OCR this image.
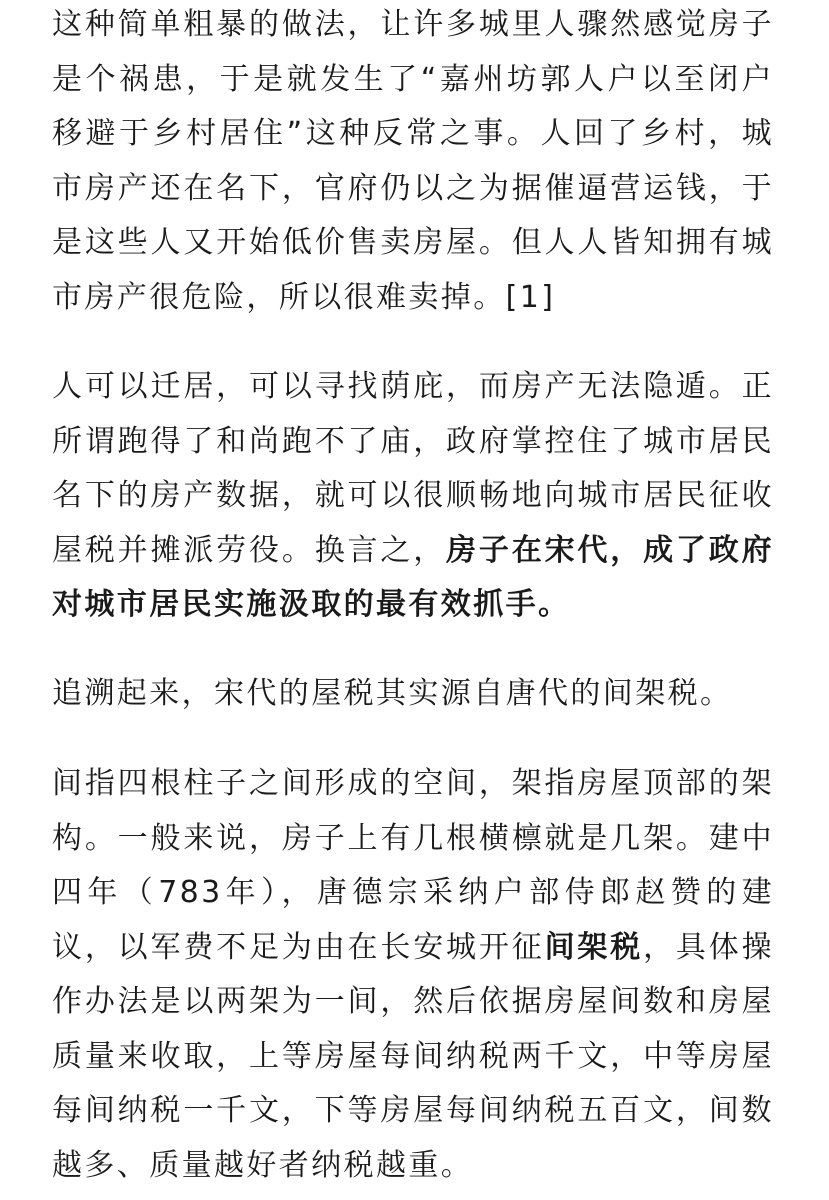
这种简单粗暴的做法，让许多城里人骤然感觉房子是个祸患，于是就发生了“嘉州坊郭人户以至闭户移避于乡村居住”这种反常之事。人回了乡村，城市房产还在名下，官府仍以之为据催逼营运钱，于是这些人又开始低价售卖房屋。但人人皆知拥有城市房产很危险，所以很难卖掉。[1]

人可以迁居，可以寻找荫庇，而房产无法隐遁。正所谓跑得了和尚跑不了庙，政府掌控住了城市居民名下的房产数据，就可以很顺畅地向城市居民征收屋税并摊派劳役。换言之，房子在宋代，成了政府对城市居民实施汲取的最有效抓手。

追溯起来，宋代的屋税其实源自唐代的间架税。

间指四根柱子之间形成的空间，架指房屋顶部的架构。一般来说，房子上有几根横檩就是几架。建中四年（783年），唐德宗采纳户部侍郎赵赞的建议，以军费不足为由在长安城开征间架税，具体操作办法是以两架为一间，然后依据房屋间数和房屋质量来收取，上等房屋每间纳税两千文，中等房屋每间纳税一千文，下等房屋每间纳税五百文，间数越多、质量越好者纳税越重。
